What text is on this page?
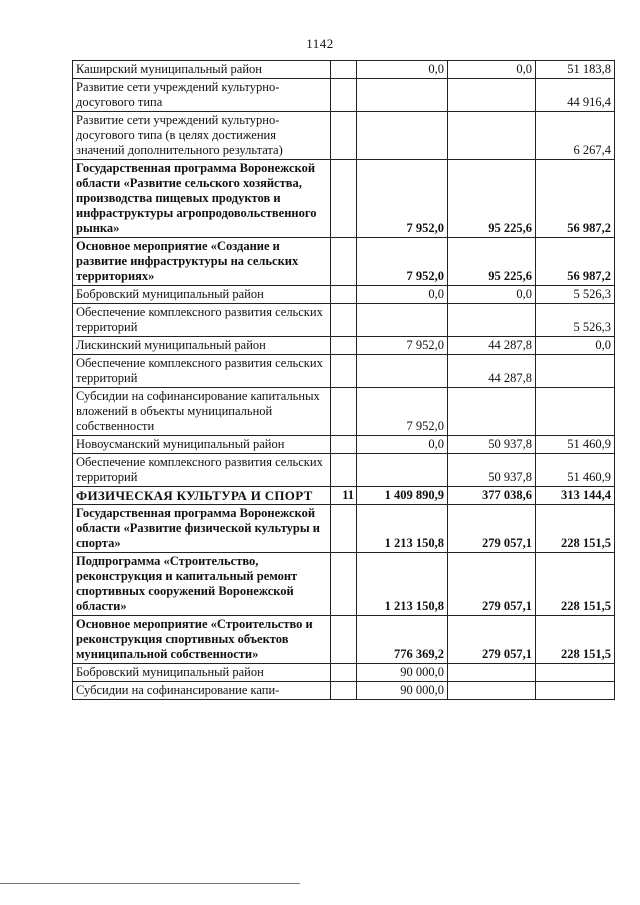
1142
Каширский муниципальный район		0,0	0,0	51 183,8
Развитие сети учреждений культурно-досугового типа				44 916,4
Развитие сети учреждений культурно-досугового типа (в целях достижения значений дополнительного результата)				6 267,4
Государственная программа Воронежской области «Развитие сельского хозяйства, производства пищевых продуктов и инфраструктуры агропродовольственного рынка»		7 952,0	95 225,6	56 987,2
Основное мероприятие «Создание и развитие инфраструктуры на сельских территориях»		7 952,0	95 225,6	56 987,2
Бобровский муниципальный район		0,0	0,0	5 526,3
Обеспечение комплексного развития сельских территорий				5 526,3
Лискинский муниципальный район		7 952,0	44 287,8	0,0
Обеспечение комплексного развития сельских территорий			44 287,8	
Субсидии на софинансирование капитальных вложений в объекты муниципальной собственности		7 952,0		
Новоусманский муниципальный район		0,0	50 937,8	51 460,9
Обеспечение комплексного развития сельских территорий			50 937,8	51 460,9
ФИЗИЧЕСКАЯ КУЛЬТУРА И СПОРТ	11	1 409 890,9	377 038,6	313 144,4
Государственная программа Воронежской области «Развитие физической культуры и спорта»		1 213 150,8	279 057,1	228 151,5
Подпрограмма «Строительство, реконструкция и капитальный ремонт спортивных сооружений Воронежской области»		1 213 150,8	279 057,1	228 151,5
Основное мероприятие «Строительство и реконструкция спортивных объектов муниципальной собственности»		776 369,2	279 057,1	228 151,5
Бобровский муниципальный район		90 000,0		
Субсидии на софинансирование капи-		90 000,0		
